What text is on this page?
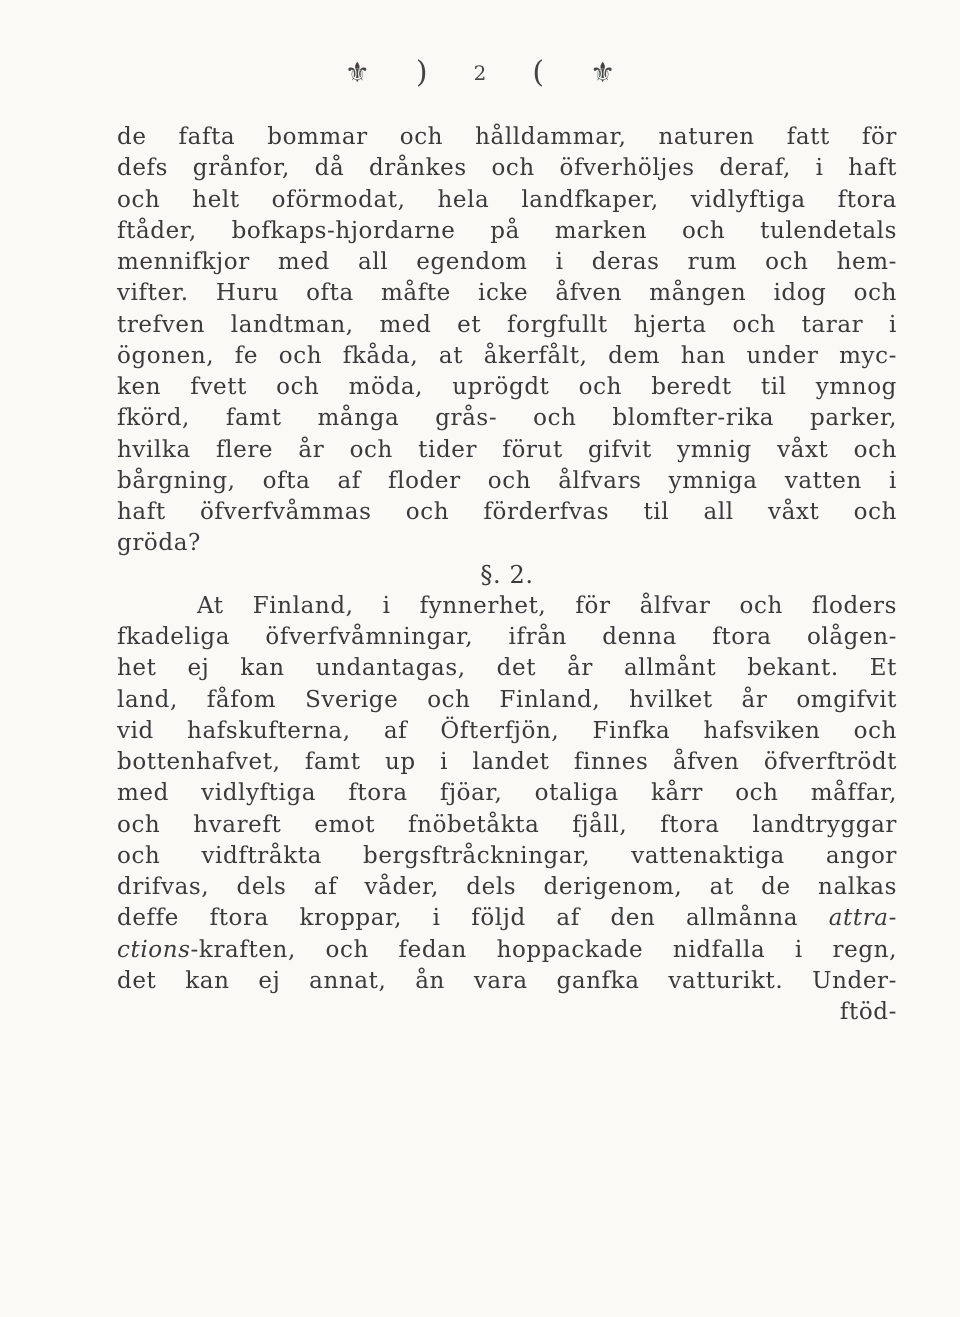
⚜ ) 2 ( ⚜
de fafta bommar och hålldammar, naturen fatt för
defs grånfor, då drånkes och öfverhöljes deraf, i haft
och helt oförmodat, hela landfkaper, vidlyftiga ftora
ftåder, bofkaps-hjordarne på marken och tulendetals
mennifkjor med all egendom i deras rum och hem-
vifter. Huru ofta måfte icke åfven mången idog och
trefven landtman, med et forgfullt hjerta och tarar i
ögonen, fe och fkåda, at åkerfålt, dem han under myc-
ken fvett och möda, uprögdt och beredt til ymnog
fkörd, famt många grås- och blomfter-rika parker,
hvilka flere år och tider förut gifvit ymnig våxt och
bårgning, ofta af floder och ålfvars ymniga vatten i
haft öfverfvåmmas och förderfvas til all våxt och
gröda?
§. 2.
At Finland, i fynnerhet, för ålfvar och floders
fkadeliga öfverfvåmningar, ifrån denna ftora olågen-
het ej kan undantagas, det år allmånt bekant. Et
land, fåfom Sverige och Finland, hvilket år omgifvit
vid hafskufterna, af Öfterfjön, Finfka hafsviken och
bottenhafvet, famt up i landet finnes åfven öfverftrödt
med vidlyftiga ftora fjöar, otaliga kårr och måffar,
och hvareft emot fnöbetåkta fjåll, ftora landtryggar
och vidftråkta bergsftråckningar, vattenaktiga angor
drifvas, dels af våder, dels derigenom, at de nalkas
deffe ftora kroppar, i följd af den allmånna attra-
ctions-kraften, och fedan hoppackade nidfalla i regn,
det kan ej annat, ån vara ganfka vatturikt. Under-
ftöd-
